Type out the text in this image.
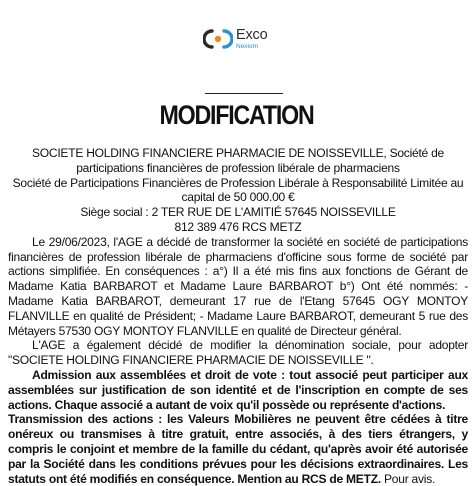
Exco
Nexiom
MODIFICATION

SOCIETE HOLDING FINANCIERE PHARMACIE DE NOISSEVILLE, Société de participations financières de profession libérale de pharmaciens

Société de Participations Financières de Profession Libérale à Responsabilité Limitée au capital de 50 000.00 €

Siège social : 2 TER RUE DE L'AMITIÉ 57645 NOISSEVILLE

812 389 476 RCS METZ

Le 29/06/2023, l'AGE a décidé de transformer la société en société de participations financières de profession libérale de pharmaciens d'officine sous forme de société par actions simplifiée. En conséquences : a°) Il a été mis fins aux fonctions de Gérant de Madame Katia BARBAROT et Madame Laure BARBAROT b°) Ont été nommés: - Madame Katia BARBAROT, demeurant 17 rue de l'Etang 57645 OGY MONTOY FLANVILLE en qualité de Président; - Madame Laure BARBAROT, demeurant 5 rue des Métayers 57530 OGY MONTOY FLANVILLE en qualité de Directeur général.

L'AGE a également décidé de modifier la dénomination sociale, pour adopter "SOCIETE HOLDING FINANCIERE PHARMACIE DE NOISSEVILLE ".

Admission aux assemblées et droit de vote : tout associé peut participer aux assemblées sur justification de son identité et de l'inscription en compte de ses actions. Chaque associé a autant de voix qu'il possède ou représente d'actions.

Transmission des actions : les Valeurs Mobilières ne peuvent être cédées à titre onéreux ou transmises à titre gratuit, entre associés, à des tiers étrangers, y compris le conjoint et membre de la famille du cédant, qu'après avoir été autorisée par la Société dans les conditions prévues pour les décisions extraordinaires. Les statuts ont été modifiés en conséquence. Mention au RCS de METZ. Pour avis.
